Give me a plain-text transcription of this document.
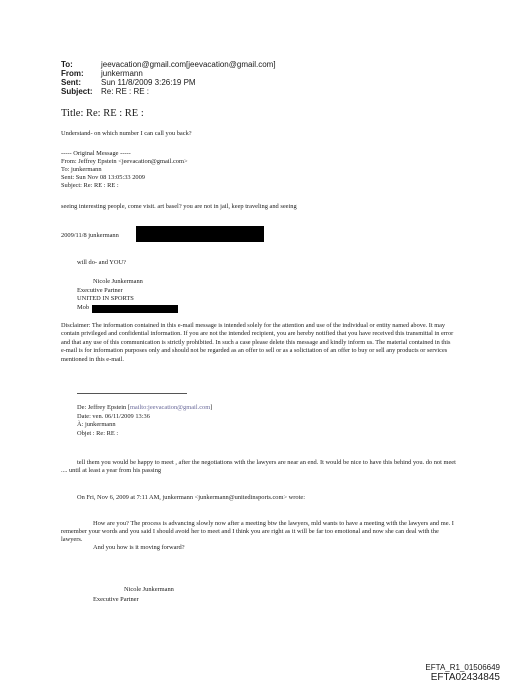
To:	jeevacation@gmail.com[jeevacation@gmail.com]
From: junkermann
Sent:	Sun 11/8/2009 3:26:19 PM
Subject: Re: RE : RE :
Title: Re: RE : RE :
Understand- on which number I can call you back?
----- Original Message -----
From: Jeffrey Epstein <jeevacation@gmail.com>
To: junkermann
Sent: Sun Nov 08 13:05:33 2009
Subject: Re: RE : RE :
seeing interesting people, come visit. art basel? you are not in jail, keep traveling and seeing
2009/11/8 junkermann
will do- and YOU?
Nicole Junkermann
Executive Partner
UNITED IN SPORTS
Mob
Disclaimer: The information contained in this e-mail message is intended solely for the attention and use of the individual or entity named above. It may contain privileged and confidential information. If you are not the intended recipient, you are hereby notified that you have received this transmittal in error and that any use of this communication is strictly prohibited. In such a case please delete this message and kindly inform us. The material contained in this e-mail is for information purposes only and should not be regarded as an offer to sell or as a solicitation of an offer to buy or sell any products or services mentioned in this e-mail.
De: Jeffrey Epstein [mailto:jeevacation@gmail.com]
Date: ven. 06/11/2009 13:36
À: junkermann
Objet : Re: RE :
tell them you would be happy to meet , after the negotiations with the lawyers are near an end. It would be nice to have this behind you. do not meet .... until at least a year from his passing
On Fri, Nov 6, 2009 at 7:11 AM, junkermann <junkermann@unitedinsports.com> wrote:
How are you? The process is advancing slowly now after a meeting btw the lawyers, mld wants to have a meeting with the lawyers and me. I remember your words and you said I should avoid her to meet and I think you are right as it will be far too emotional and now she can deal with the lawyers.
And you how is it moving forward?
Nicole Junkermann
Executive Partner
EFTA_R1_01506649
EFTA02434845
